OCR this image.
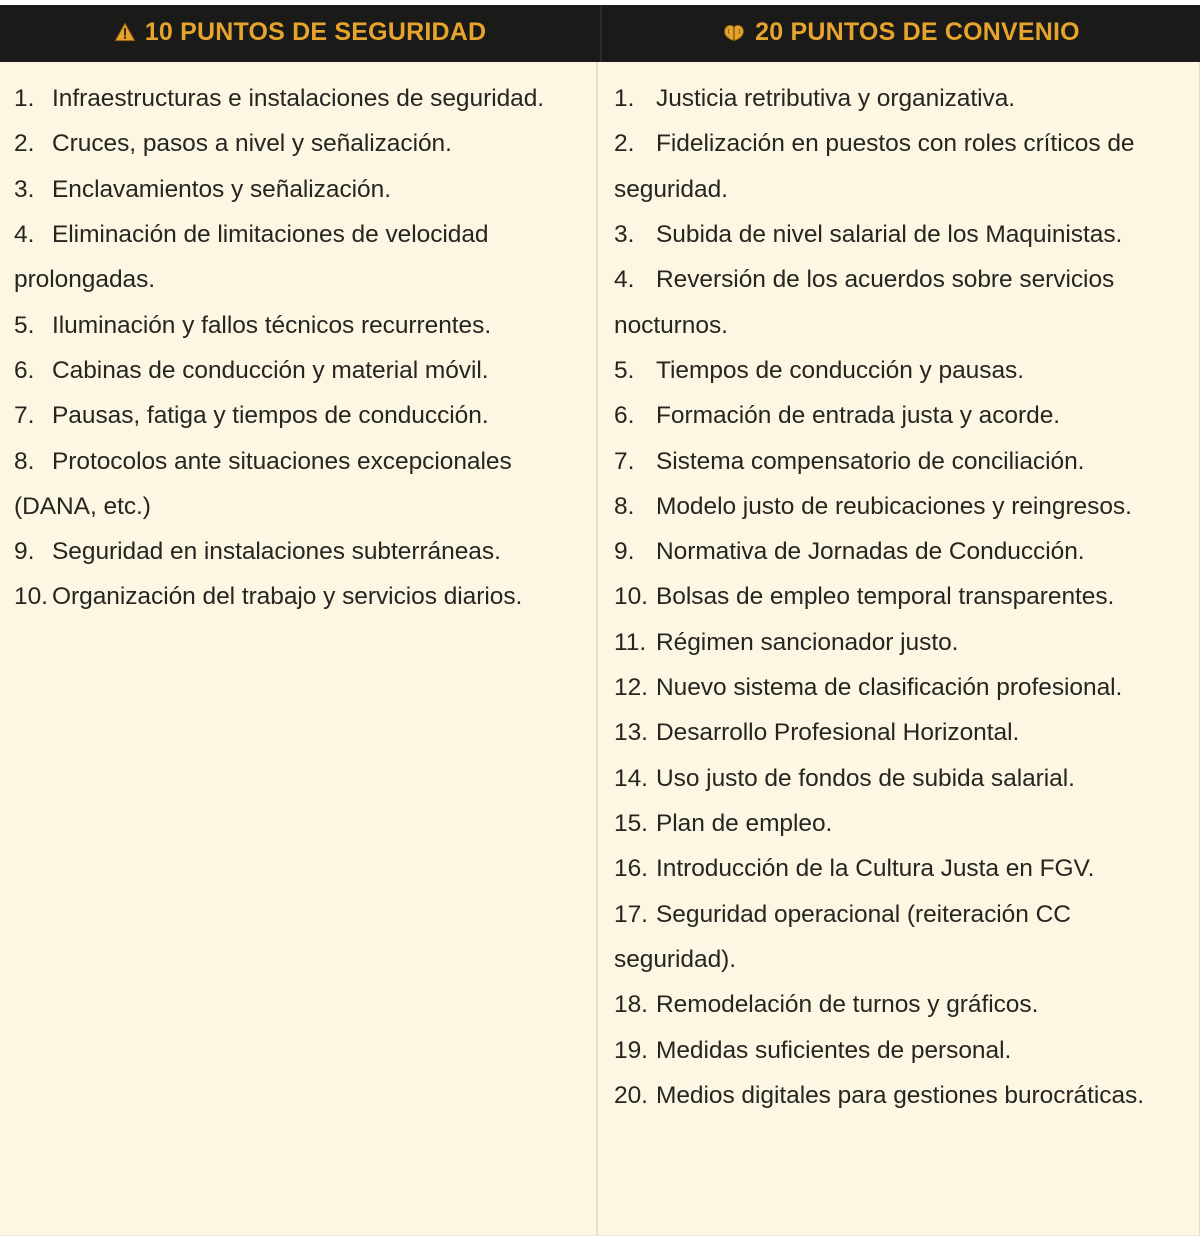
10 PUNTOS DE SEGURIDAD	20 PUNTOS DE CONVENIO
1. Infraestructuras e instalaciones de seguridad.
2. Cruces, pasos a nivel y señalización.
3. Enclavamientos y señalización.
4. Eliminación de limitaciones de velocidad prolongadas.
5. Iluminación y fallos técnicos recurrentes.
6. Cabinas de conducción y material móvil.
7. Pausas, fatiga y tiempos de conducción.
8. Protocolos ante situaciones excepcionales (DANA, etc.)
9. Seguridad en instalaciones subterráneas.
10. Organización del trabajo y servicios diarios.
1. Justicia retributiva y organizativa.
2. Fidelización en puestos con roles críticos de seguridad.
3. Subida de nivel salarial de los Maquinistas.
4. Reversión de los acuerdos sobre servicios nocturnos.
5. Tiempos de conducción y pausas.
6. Formación de entrada justa y acorde.
7. Sistema compensatorio de conciliación.
8. Modelo justo de reubicaciones y reingresos.
9. Normativa de Jornadas de Conducción.
10. Bolsas de empleo temporal transparentes.
11. Régimen sancionador justo.
12. Nuevo sistema de clasificación profesional.
13. Desarrollo Profesional Horizontal.
14. Uso justo de fondos de subida salarial.
15. Plan de empleo.
16. Introducción de la Cultura Justa en FGV.
17. Seguridad operacional (reiteración CC seguridad).
18. Remodelación de turnos y gráficos.
19. Medidas suficientes de personal.
20. Medios digitales para gestiones burocráticas.
